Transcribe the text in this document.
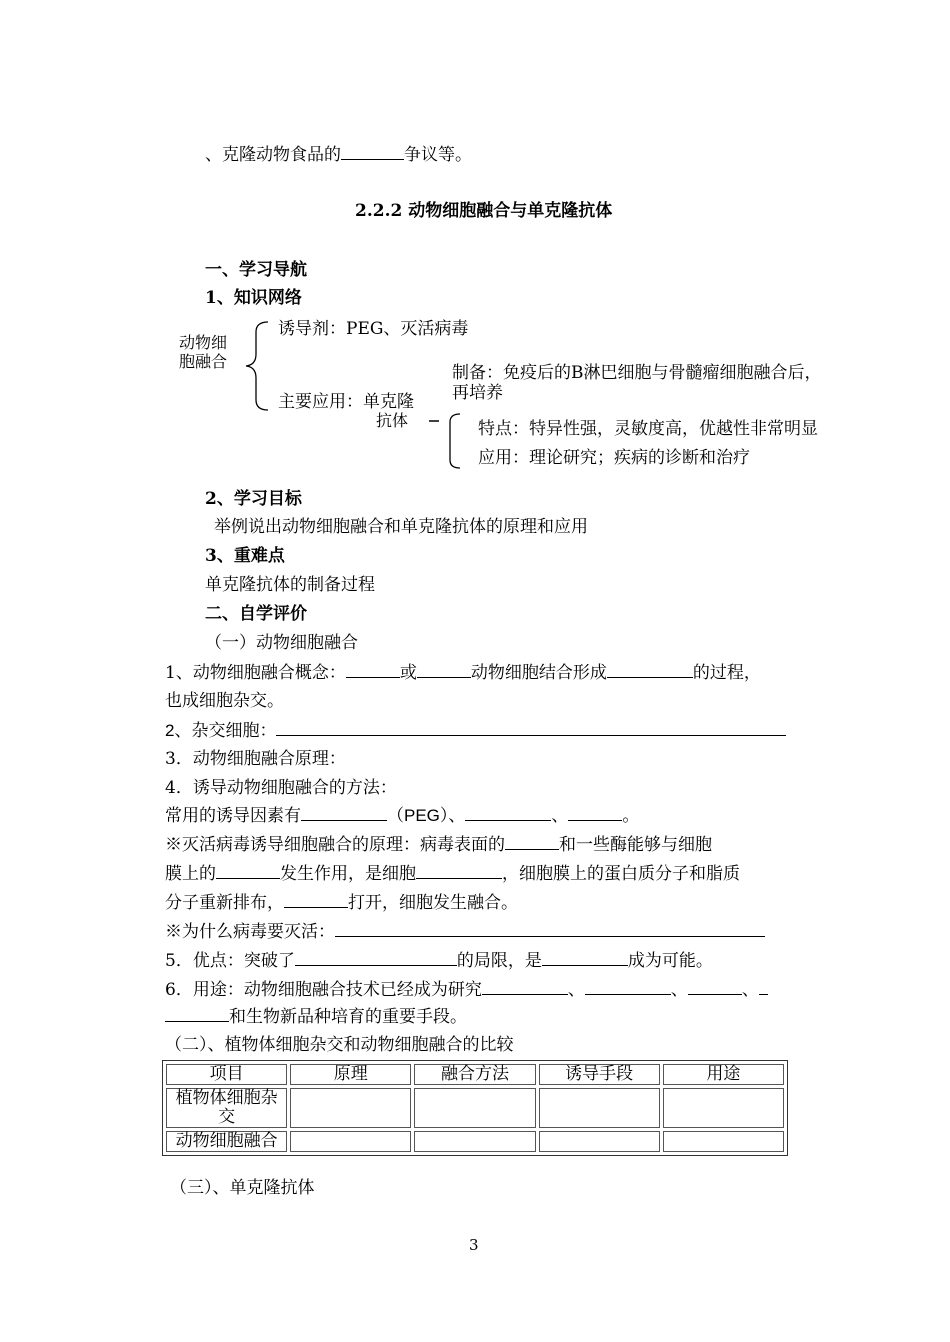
、克隆动物食品的	争议等。
2.2.2 动物细胞融合与单克隆抗体
一、学习导航
1、知识网络
动物细
胞融合
诱导剂：PEG、灭活病毒
主要应用：单克隆
抗体
制备：免疫后的B淋巴细胞与骨髓瘤细胞融合后，
再培养
特点：特异性强，灵敏度高，优越性非常明显
应用：理论研究；疾病的诊断和治疗
2、学习目标
举例说出动物细胞融合和单克隆抗体的原理和应用
3、重难点
单克隆抗体的制备过程
二、自学评价
（一）动物细胞融合
1、动物细胞融合概念：	或	动物细胞结合形成	的过程，
也成细胞杂交。
2、杂交细胞：
3．动物细胞融合原理：
4．诱导动物细胞融合的方法：
常用的诱导因素有	（PEG）、	、	。
※灭活病毒诱导细胞融合的原理：病毒表面的	和一些酶能够与细胞
膜上的	发生作用，是细胞	，细胞膜上的蛋白质分子和脂质
分子重新排布，	打开，细胞发生融合。
※为什么病毒要灭活：
5．优点：突破了	的局限，是	成为可能。
6．用途：动物细胞融合技术已经成为研究	、	、	、
和生物新品种培育的重要手段。
（二）、植物体细胞杂交和动物细胞融合的比较
项目	原理	融合方法	诱导手段	用途
植物体细胞杂
交				
动物细胞融合				
（三）、单克隆抗体
3
